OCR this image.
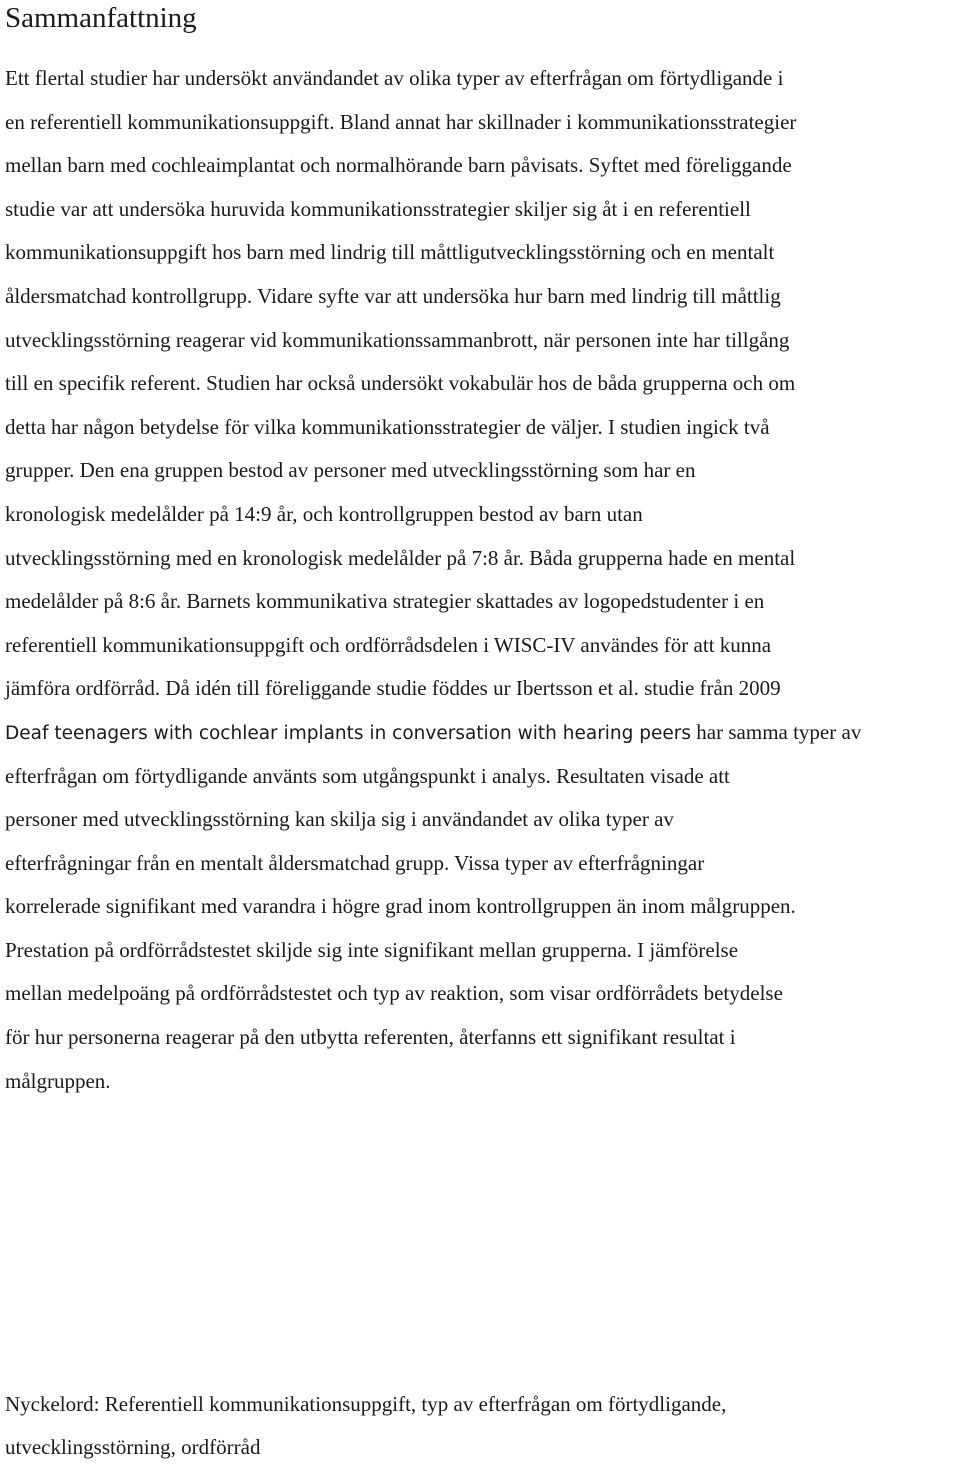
Sammanfattning
Ett flertal studier har undersökt användandet av olika typer av efterfrågan om förtydligande i
en referentiell kommunikationsuppgift. Bland annat har skillnader i kommunikationsstrategier
mellan barn med cochleaimplantat och normalhörande barn påvisats. Syftet med föreliggande
studie var att undersöka huruvida kommunikationsstrategier skiljer sig åt i en referentiell
kommunikationsuppgift hos barn med lindrig till måttligutvecklingsstörning och en mentalt
åldersmatchad kontrollgrupp. Vidare syfte var att undersöka hur barn med lindrig till måttlig
utvecklingsstörning reagerar vid kommunikationssammanbrott, när personen inte har tillgång
till en specifik referent. Studien har också undersökt vokabulär hos de båda grupperna och om
detta har någon betydelse för vilka kommunikationsstrategier de väljer. I studien ingick två
grupper. Den ena gruppen bestod av personer med utvecklingsstörning som har en
kronologisk medelålder på 14:9 år, och kontrollgruppen bestod av barn utan
utvecklingsstörning med en kronologisk medelålder på 7:8 år. Båda grupperna hade en mental
medelålder på 8:6 år. Barnets kommunikativa strategier skattades av logopedstudenter i en
referentiell kommunikationsuppgift och ordförrådsdelen i WISC-IV användes för att kunna
jämföra ordförråd. Då idén till föreliggande studie föddes ur Ibertsson et al. studie från 2009
Deaf teenagers with cochlear implants in conversation with hearing peers har samma typer av
efterfrågan om förtydligande använts som utgångspunkt i analys. Resultaten visade att
personer med utvecklingsstörning kan skilja sig i användandet av olika typer av
efterfrågningar från en mentalt åldersmatchad grupp. Vissa typer av efterfrågningar
korrelerade signifikant med varandra i högre grad inom kontrollgruppen än inom målgruppen.
Prestation på ordförrådstestet skiljde sig inte signifikant mellan grupperna. I jämförelse
mellan medelpoäng på ordförrådstestet och typ av reaktion, som visar ordförrådets betydelse
för hur personerna reagerar på den utbytta referenten, återfanns ett signifikant resultat i
målgruppen.
Nyckelord: Referentiell kommunikationsuppgift, typ av efterfrågan om förtydligande,
utvecklingsstörning, ordförråd
